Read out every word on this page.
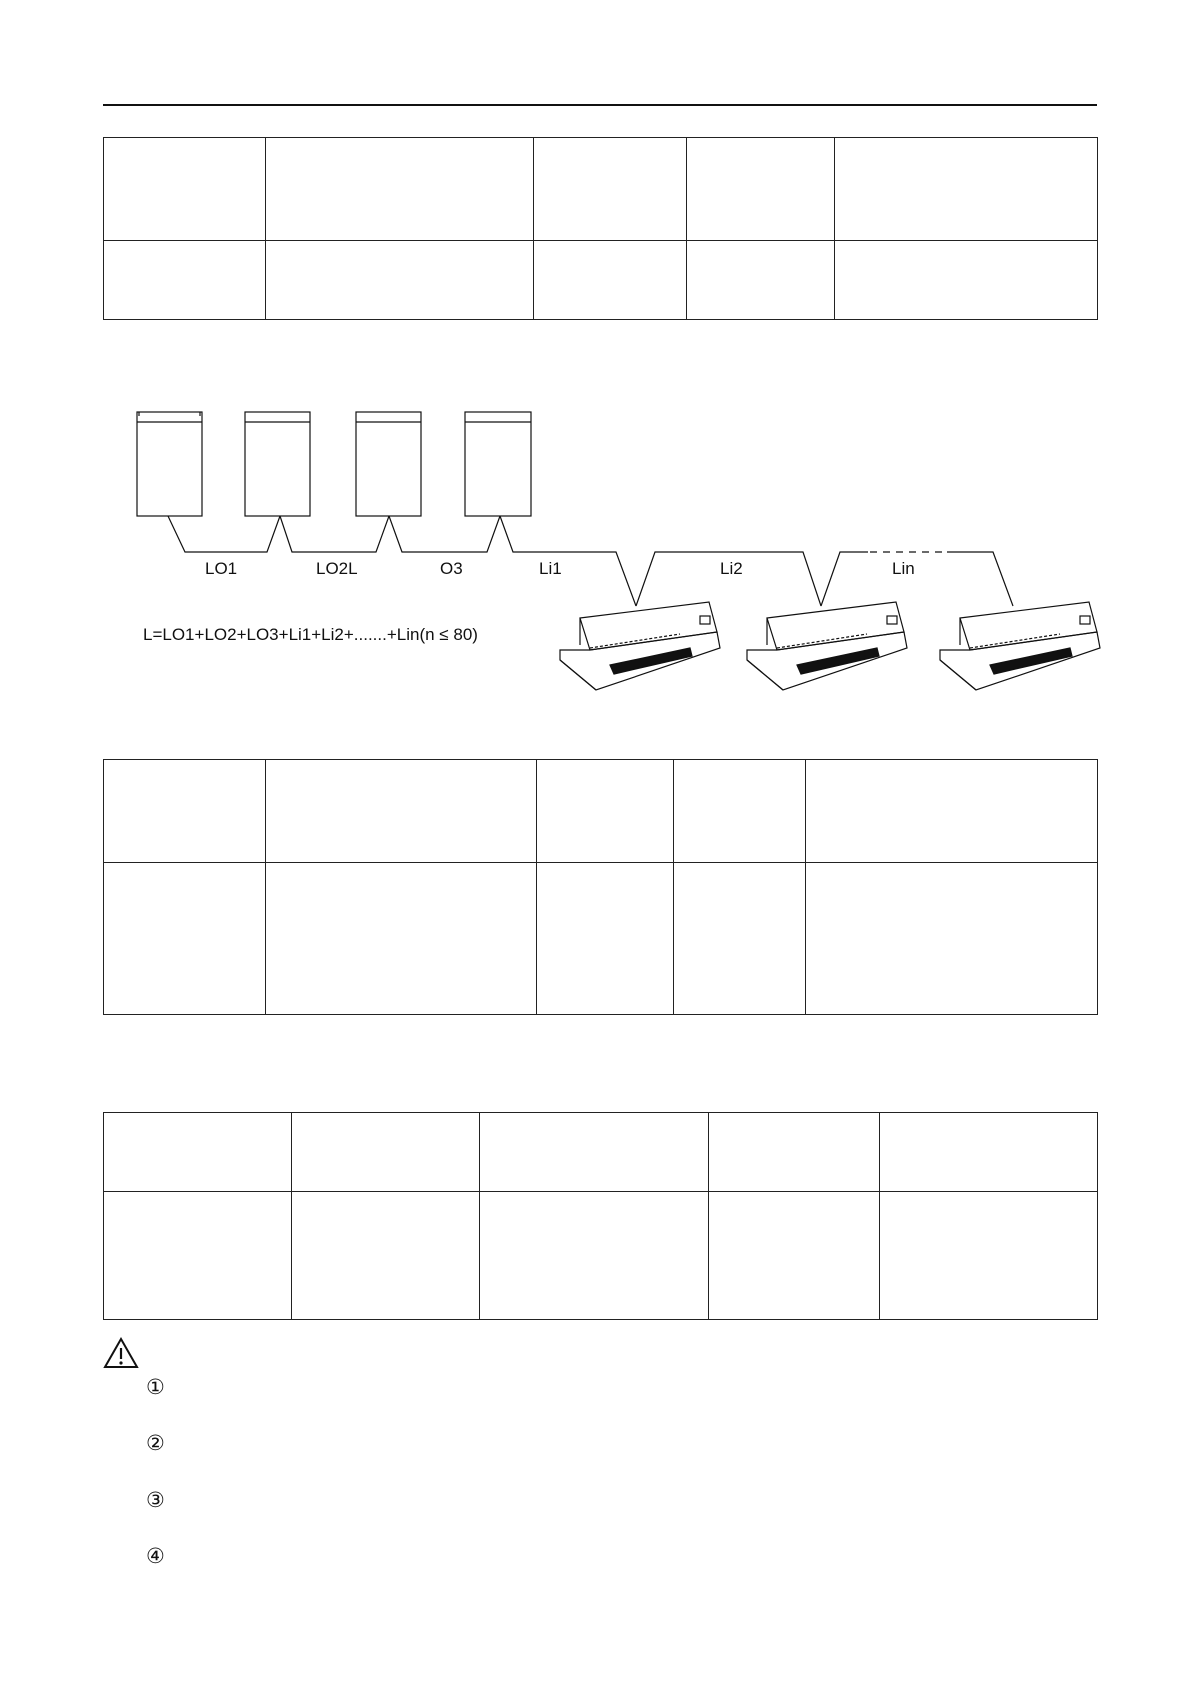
LO1	LO2L	O3	Li1	Li2	Lin
L=LO1+LO2+LO3+Li1+Li2+.......+Lin(n ≤ 80)

①
②
③
④
